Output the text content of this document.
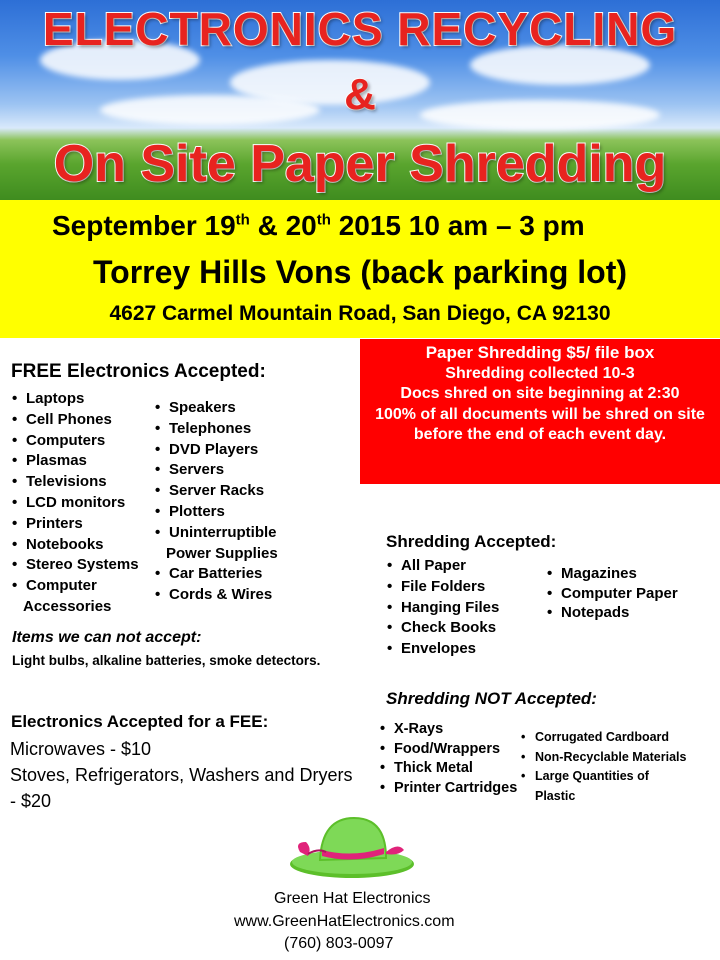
ELECTRONICS RECYCLING
&
On Site Paper Shredding
September 19th & 20th 2015 10 am – 3 pm
Torrey Hills Vons (back parking lot)
4627 Carmel Mountain Road, San Diego, CA 92130
Paper Shredding $5/ file box
Shredding collected 10-3
Docs shred on site beginning at 2:30
100% of all documents will be shred on site before the end of each event day.
FREE Electronics Accepted:
• Laptops
• Cell Phones
• Computers
• Plasmas
• Televisions
• LCD monitors
• Printers
• Notebooks
• Stereo Systems
• Computer
Accessories
• Speakers
• Telephones
• DVD Players
• Servers
• Server Racks
• Plotters
• Uninterruptible
Power Supplies
• Car Batteries
• Cords & Wires
Items we can not accept:
Light bulbs, alkaline batteries, smoke detectors.
Electronics Accepted for a FEE:
Microwaves - $10
Stoves, Refrigerators, Washers and Dryers - $20
Shredding Accepted:
• All Paper
• File Folders
• Hanging Files
• Check Books
• Envelopes
• Magazines
• Computer Paper
• Notepads
Shredding NOT Accepted:
• X-Rays
• Food/Wrappers
• Thick Metal
• Printer Cartridges
• Corrugated Cardboard
• Non-Recyclable Materials
• Large Quantities of
Plastic
Green Hat Electronics
www.GreenHatElectronics.com
(760) 803-0097
